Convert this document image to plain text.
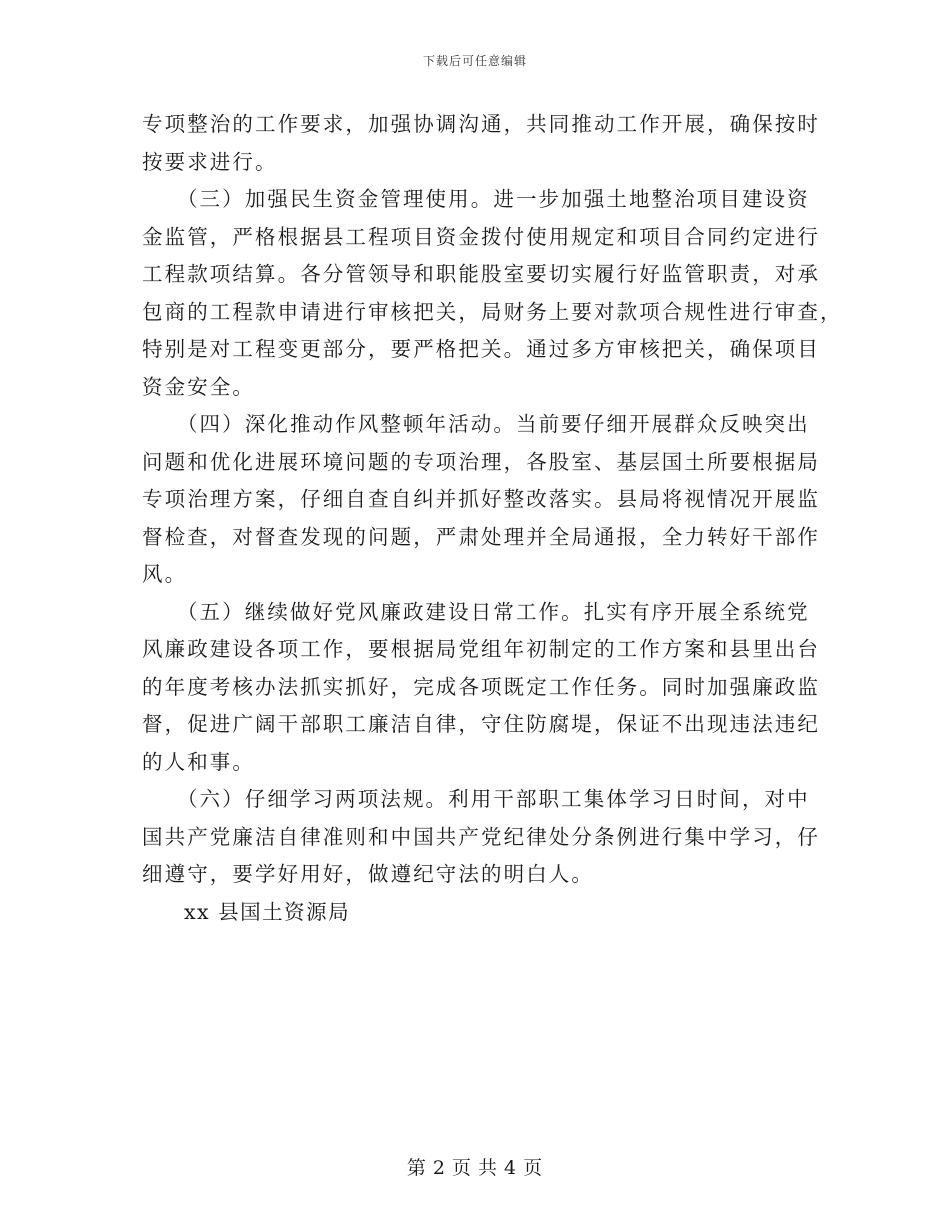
下载后可任意编辑

专项整治的工作要求，加强协调沟通，共同推动工作开展，确保按时
按要求进行。

　　（三）加强民生资金管理使用。进一步加强土地整治项目建设资
金监管，严格根据县工程项目资金拨付使用规定和项目合同约定进行
工程款项结算。各分管领导和职能股室要切实履行好监管职责，对承
包商的工程款申请进行审核把关，局财务上要对款项合规性进行审查，
特别是对工程变更部分，要严格把关。通过多方审核把关，确保项目
资金安全。

　　（四）深化推动作风整顿年活动。当前要仔细开展群众反映突出
问题和优化进展环境问题的专项治理，各股室、基层国土所要根据局
专项治理方案，仔细自查自纠并抓好整改落实。县局将视情况开展监
督检查，对督查发现的问题，严肃处理并全局通报，全力转好干部作
风。

　　（五）继续做好党风廉政建设日常工作。扎实有序开展全系统党
风廉政建设各项工作，要根据局党组年初制定的工作方案和县里出台
的年度考核办法抓实抓好，完成各项既定工作任务。同时加强廉政监
督，促进广阔干部职工廉洁自律，守住防腐堤，保证不出现违法违纪
的人和事。

　　（六）仔细学习两项法规。利用干部职工集体学习日时间，对中
国共产党廉洁自律准则和中国共产党纪律处分条例进行集中学习，仔
细遵守，要学好用好，做遵纪守法的明白人。

xx 县国土资源局

第 2 页 共 4 页
